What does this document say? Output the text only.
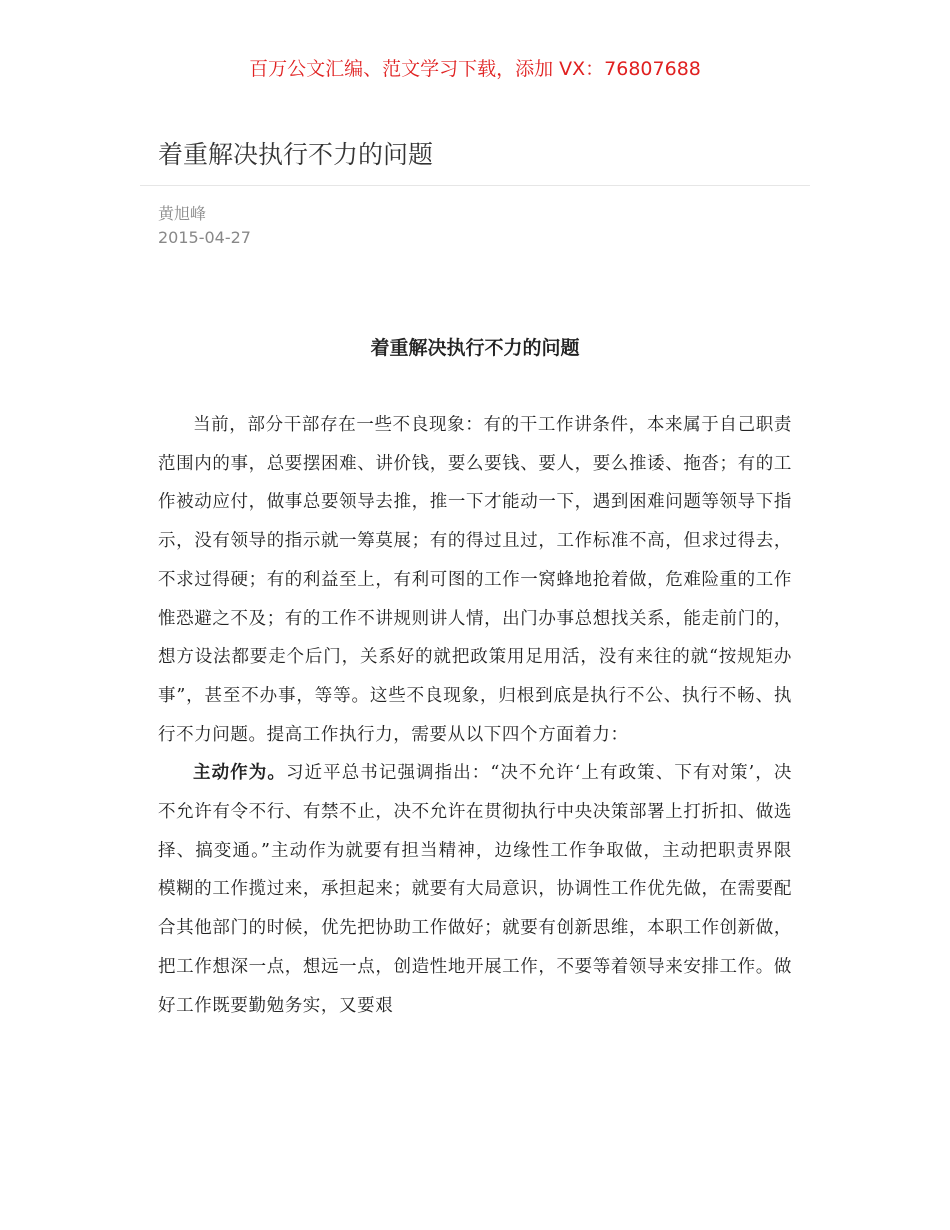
百万公文汇编、范文学习下载，添加 VX：76807688
着重解决执行不力的问题
黄旭峰
2015-04-27
着重解决执行不力的问题

当前，部分干部存在一些不良现象：有的干工作讲条件，本来属于自己职责范围内的事，总要摆困难、讲价钱，要么要钱、要人，要么推诿、拖沓；有的工作被动应付，做事总要领导去推，推一下才能动一下，遇到困难问题等领导下指示，没有领导的指示就一筹莫展；有的得过且过，工作标准不高，但求过得去，不求过得硬；有的利益至上，有利可图的工作一窝蜂地抢着做，危难险重的工作惟恐避之不及；有的工作不讲规则讲人情，出门办事总想找关系，能走前门的，想方设法都要走个后门，关系好的就把政策用足用活，没有来往的就“按规矩办事”，甚至不办事，等等。这些不良现象，归根到底是执行不公、执行不畅、执行不力问题。提高工作执行力，需要从以下四个方面着力：

主动作为。习近平总书记强调指出：“决不允许‘上有政策、下有对策’，决不允许有令不行、有禁不止，决不允许在贯彻执行中央决策部署上打折扣、做选择、搞变通。”主动作为就要有担当精神，边缘性工作争取做，主动把职责界限模糊的工作揽过来，承担起来；就要有大局意识，协调性工作优先做，在需要配合其他部门的时候，优先把协助工作做好；就要有创新思维，本职工作创新做，把工作想深一点，想远一点，创造性地开展工作，不要等着领导来安排工作。做好工作既要勤勉务实，又要艰
